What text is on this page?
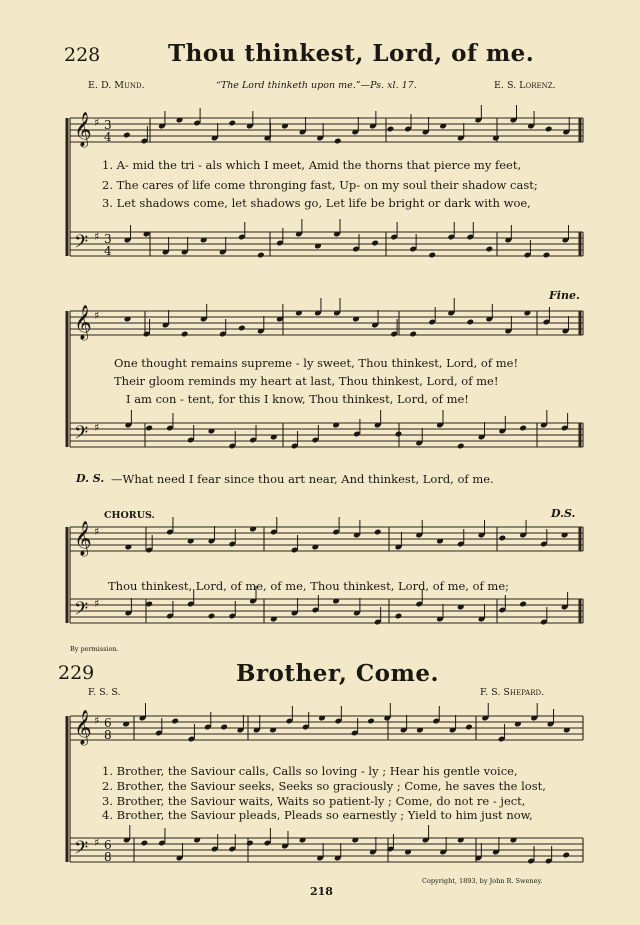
𝄞
𝄢
♯
♯
3
4
3
4
𝄞
𝄢
♯
♯
𝄞
𝄢
♯
♯
𝄞
𝄢
♯
♯
6
8
6
8
228	Thou thinkest, Lord, of me.
E. D. Mund.	“The Lord thinketh upon me.”—Ps. xl. 17.	E. S. Lorenz.
1. A- mid the tri - als which I meet, Amid the thorns that pierce my feet,
2. The cares of life come thronging fast, Up- on my soul their shadow cast;
3. Let shadows come, let shadows go, Let life be bright or dark with woe,
Fine.
One thought remains supreme - ly sweet, Thou thinkest, Lord, of me!
Their gloom reminds my heart at last, Thou thinkest, Lord, of me!
I am con - tent, for this I know, Thou thinkest, Lord, of me!
D. S. —What need I fear since thou art near, And thinkest, Lord, of me.
CHORUS.	D.S.
Thou thinkest, Lord, of me, of me, Thou thinkest, Lord, of me, of me;
By permission.
229	Brother, Come.
F. S. S.	F. S. Shepard.
1. Brother, the Saviour calls, Calls so loving - ly ; Hear his gentle voice,
2. Brother, the Saviour seeks, Seeks so graciously ; Come, he saves the lost,
3. Brother, the Saviour waits, Waits so patient-ly ; Come, do not re - ject,
4. Brother, the Saviour pleads, Pleads so earnestly ; Yield to him just now,
Copyright, 1893, by John R. Sweney.
218
